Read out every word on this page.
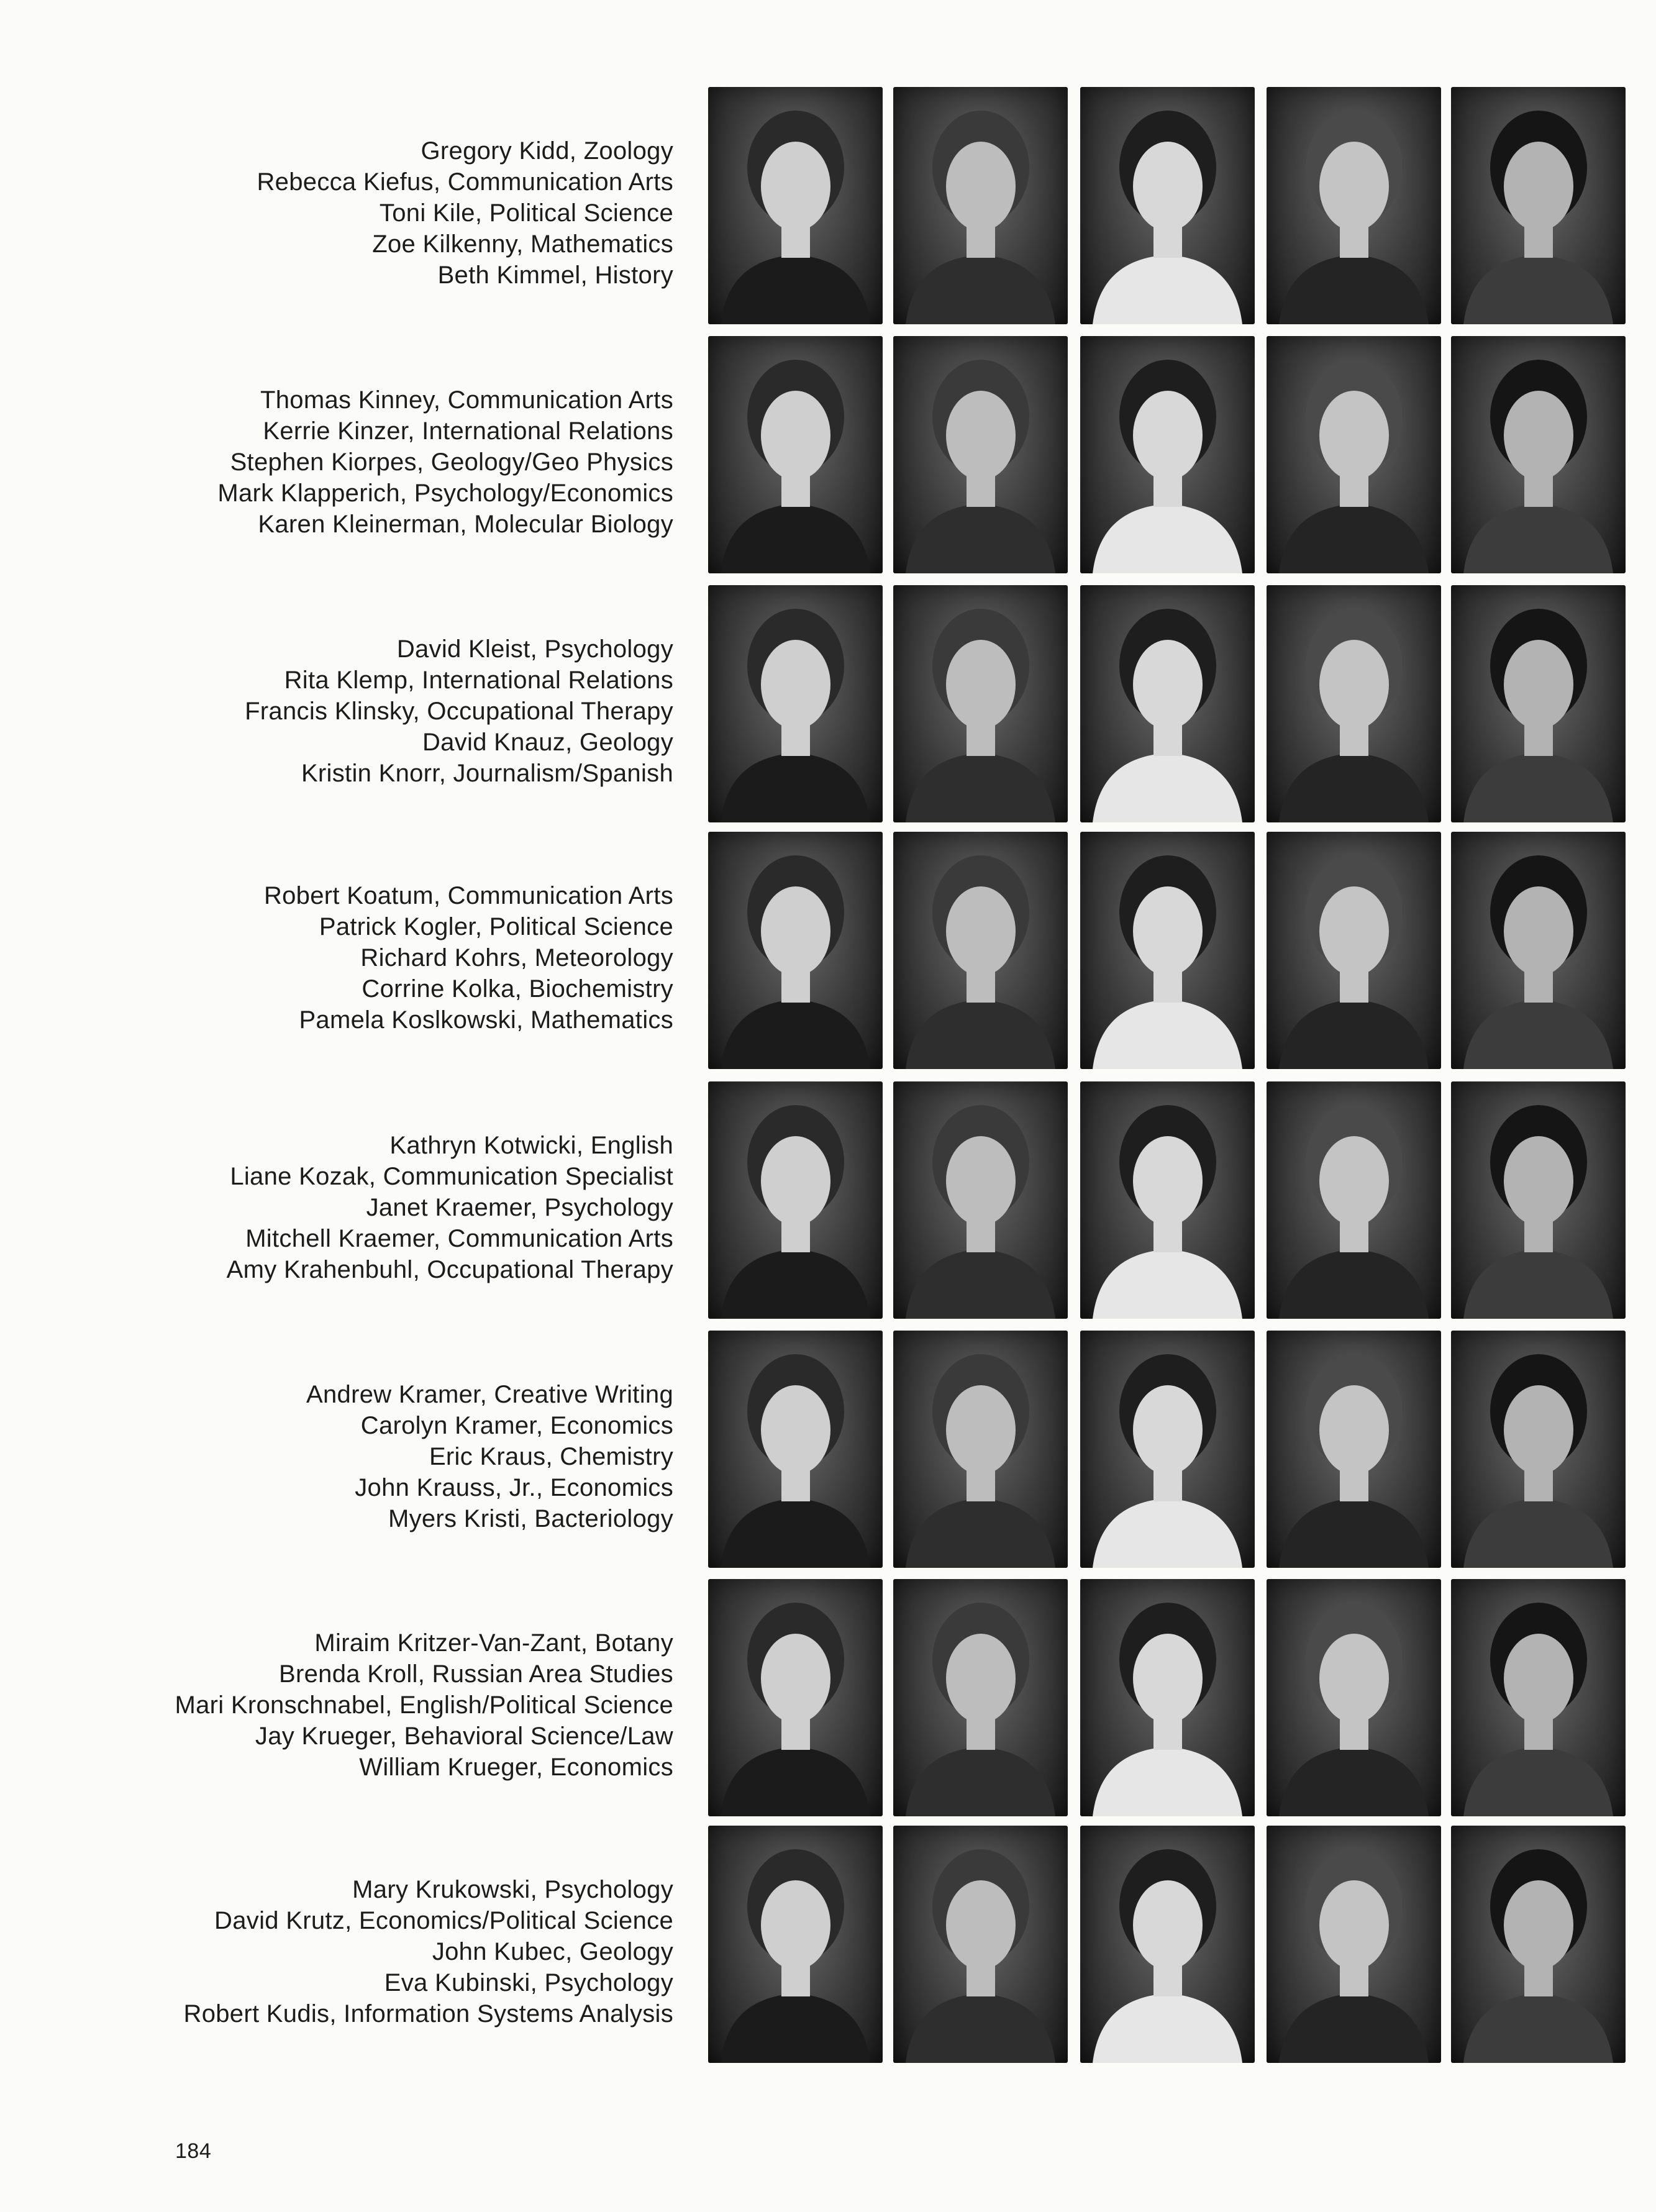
Gregory Kidd, Zoology
Rebecca Kiefus, Communication Arts
Toni Kile, Political Science
Zoe Kilkenny, Mathematics
Beth Kimmel, History
Thomas Kinney, Communication Arts
Kerrie Kinzer, International Relations
Stephen Kiorpes, Geology/Geo Physics
Mark Klapperich, Psychology/Economics
Karen Kleinerman, Molecular Biology
David Kleist, Psychology
Rita Klemp, International Relations
Francis Klinsky, Occupational Therapy
David Knauz, Geology
Kristin Knorr, Journalism/Spanish
Robert Koatum, Communication Arts
Patrick Kogler, Political Science
Richard Kohrs, Meteorology
Corrine Kolka, Biochemistry
Pamela Koslkowski, Mathematics
Kathryn Kotwicki, English
Liane Kozak, Communication Specialist
Janet Kraemer, Psychology
Mitchell Kraemer, Communication Arts
Amy Krahenbuhl, Occupational Therapy
Andrew Kramer, Creative Writing
Carolyn Kramer, Economics
Eric Kraus, Chemistry
John Krauss, Jr., Economics
Myers Kristi, Bacteriology
Miraim Kritzer-Van-Zant, Botany
Brenda Kroll, Russian Area Studies
Mari Kronschnabel, English/Political Science
Jay Krueger, Behavioral Science/Law
William Krueger, Economics
Mary Krukowski, Psychology
David Krutz, Economics/Political Science
John Kubec, Geology
Eva Kubinski, Psychology
Robert Kudis, Information Systems Analysis
184
